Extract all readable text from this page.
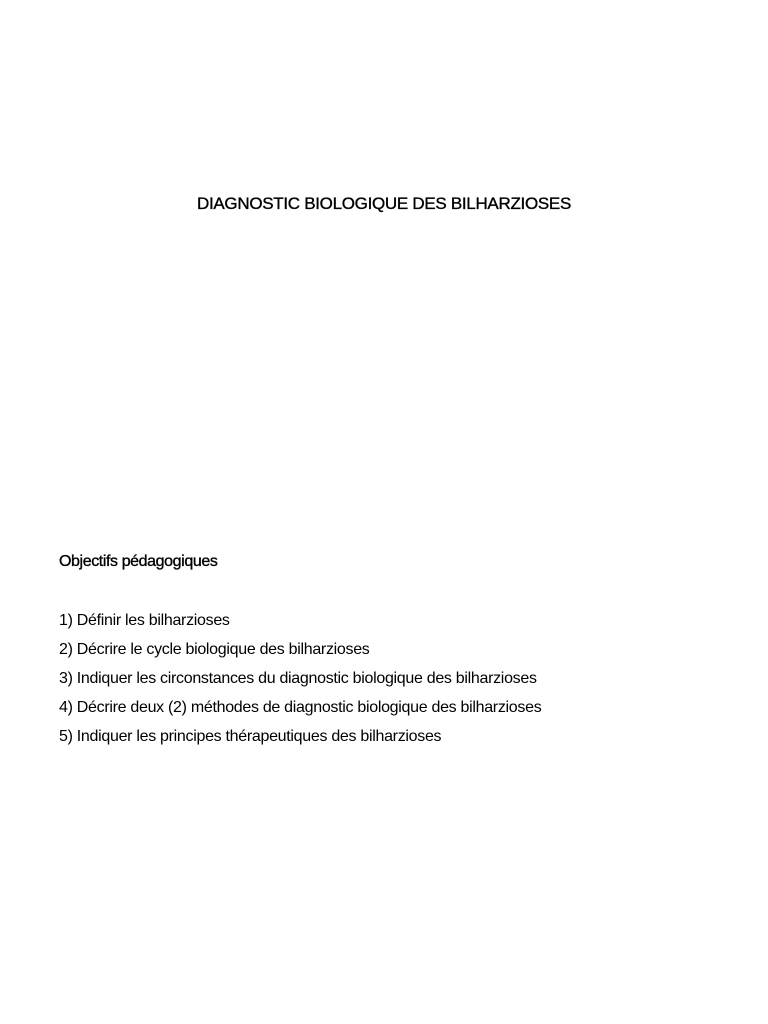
DIAGNOSTIC BIOLOGIQUE DES BILHARZIOSES
Objectifs pédagogiques
1) Définir les bilharzioses
2) Décrire le cycle biologique des bilharzioses
3) Indiquer les circonstances du diagnostic biologique des bilharzioses
4) Décrire deux (2) méthodes de diagnostic biologique des bilharzioses
5) Indiquer les principes thérapeutiques des bilharzioses
